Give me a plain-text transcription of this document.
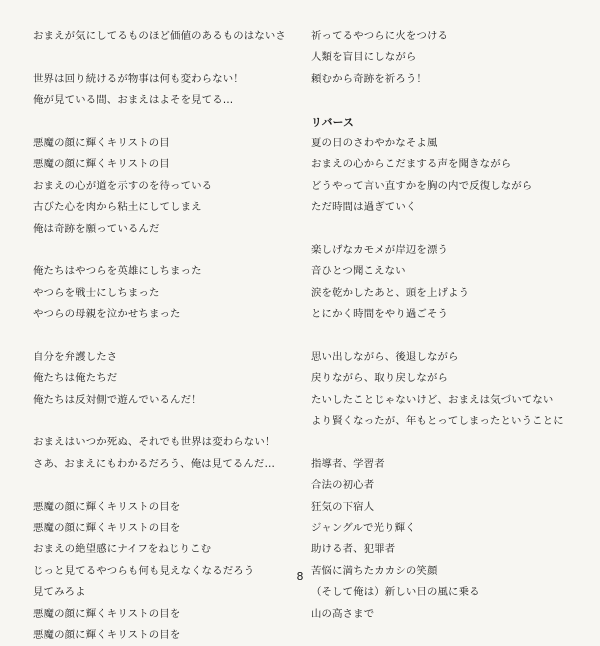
おまえが気にしてるものほど価値のあるものはないさ
世界は回り続けるが物事は何も変わらない！
俺が見ている間、おまえはよそを見てる…
悪魔の顔に輝くキリストの目
悪魔の顔に輝くキリストの目
おまえの心が道を示すのを待っている
古びた心を肉から粘土にしてしまえ
俺は奇跡を願っているんだ
俺たちはやつらを英雄にしちまった
やつらを戦士にしちまった
やつらの母親を泣かせちまった
自分を弁護したさ
俺たちは俺たちだ
俺たちは反対側で遊んでいるんだ！
おまえはいつか死ぬ、それでも世界は変わらない！
さあ、おまえにもわかるだろう、俺は見てるんだ…
悪魔の顔に輝くキリストの目を
悪魔の顔に輝くキリストの目を
おまえの絶望感にナイフをねじりこむ
じっと見てるやつらも何も見えなくなるだろう
見てみろよ
悪魔の顔に輝くキリストの目を
悪魔の顔に輝くキリストの目を
祈ってるやつらに火をつける
人類を盲目にしながら
頼むから奇跡を祈ろう！
リバース
夏の日のさわやかなそよ風
おまえの心からこだまする声を聞きながら
どうやって言い直すかを胸の内で反復しながら
ただ時間は過ぎていく
楽しげなカモメが岸辺を漂う
音ひとつ聞こえない
涙を乾かしたあと、頭を上げよう
とにかく時間をやり過ごそう
思い出しながら、後退しながら
戻りながら、取り戻しながら
たいしたことじゃないけど、おまえは気づいてない
より賢くなったが、年もとってしまったということに
指導者、学習者
合法の初心者
狂気の下宿人
ジャングルで光り輝く
助ける者、犯罪者
苦悩に満ちたカカシの笑顔
（そして俺は）新しい日の風に乗る
山の高さまで
8
